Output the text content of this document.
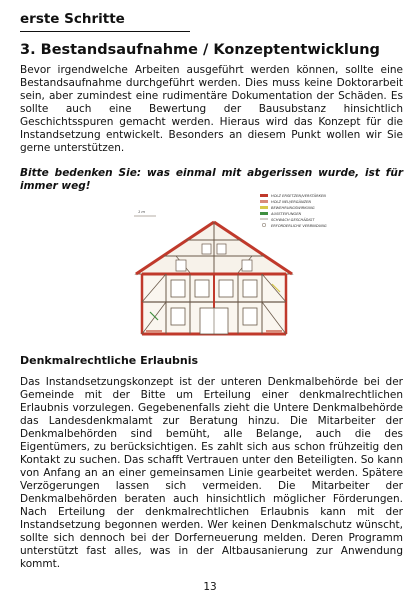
erste Schritte
3. Bestandsaufnahme / Konzeptentwicklung

Bevor irgendwelche Arbeiten ausgeführt werden können, sollte eine Bestandsaufnahme durchgeführt werden. Dies muss keine Doktorarbeit sein, aber zumindest eine rudimentäre Dokumentation der Schäden. Es sollte auch eine Bewertung der Bausubstanz hinsichtlich Geschichtsspuren gemacht werden. Hieraus wird das Konzept für die Instandsetzung entwickelt. Besonders an diesem Punkt wollen wir Sie gerne unterstützen.

Bitte bedenken Sie: was einmal mit abgerissen wurde, ist für immer weg!

1 m
HOLZ ERSETZEN/VERSTÄRKEN
HOLZ NEU/ERGÄNZEN
BEWEHRUNGSWIRKUNG
AUSSTEIFUNGEN
SCHWACH GESCHÄDIGT
ERFORDERLICHE VERBINDUNG
Denkmalrechtliche Erlaubnis

Das Instandsetzungskonzept ist der unteren Denkmalbehörde bei der Gemeinde mit der Bitte um Erteilung einer denkmalrechtlichen Erlaubnis vorzulegen. Gegebenenfalls zieht die Untere Denkmalbehörde das Landesdenkmalamt zur Beratung hinzu. Die Mitarbeiter der Denkmalbehörden sind bemüht, alle Belange, auch die des Eigentümers, zu berücksichtigen. Es zahlt sich aus schon frühzeitig den Kontakt zu suchen. Das schafft Vertrauen unter den Beteiligten. So kann von Anfang an an einer gemeinsamen Linie gearbeitet werden. Spätere Verzögerungen lassen sich vermeiden. Die Mitarbeiter der Denkmalbehörden beraten auch hinsichtlich möglicher Förderungen. Nach Erteilung der denkmalrechtlichen Erlaubnis kann mit der Instandsetzung begonnen werden. Wer keinen Denkmalschutz wünscht, sollte sich dennoch bei der Dorferneuerung melden. Deren Programm unterstützt fast alles, was in der Altbausanierung zur Anwendung kommt.

13
